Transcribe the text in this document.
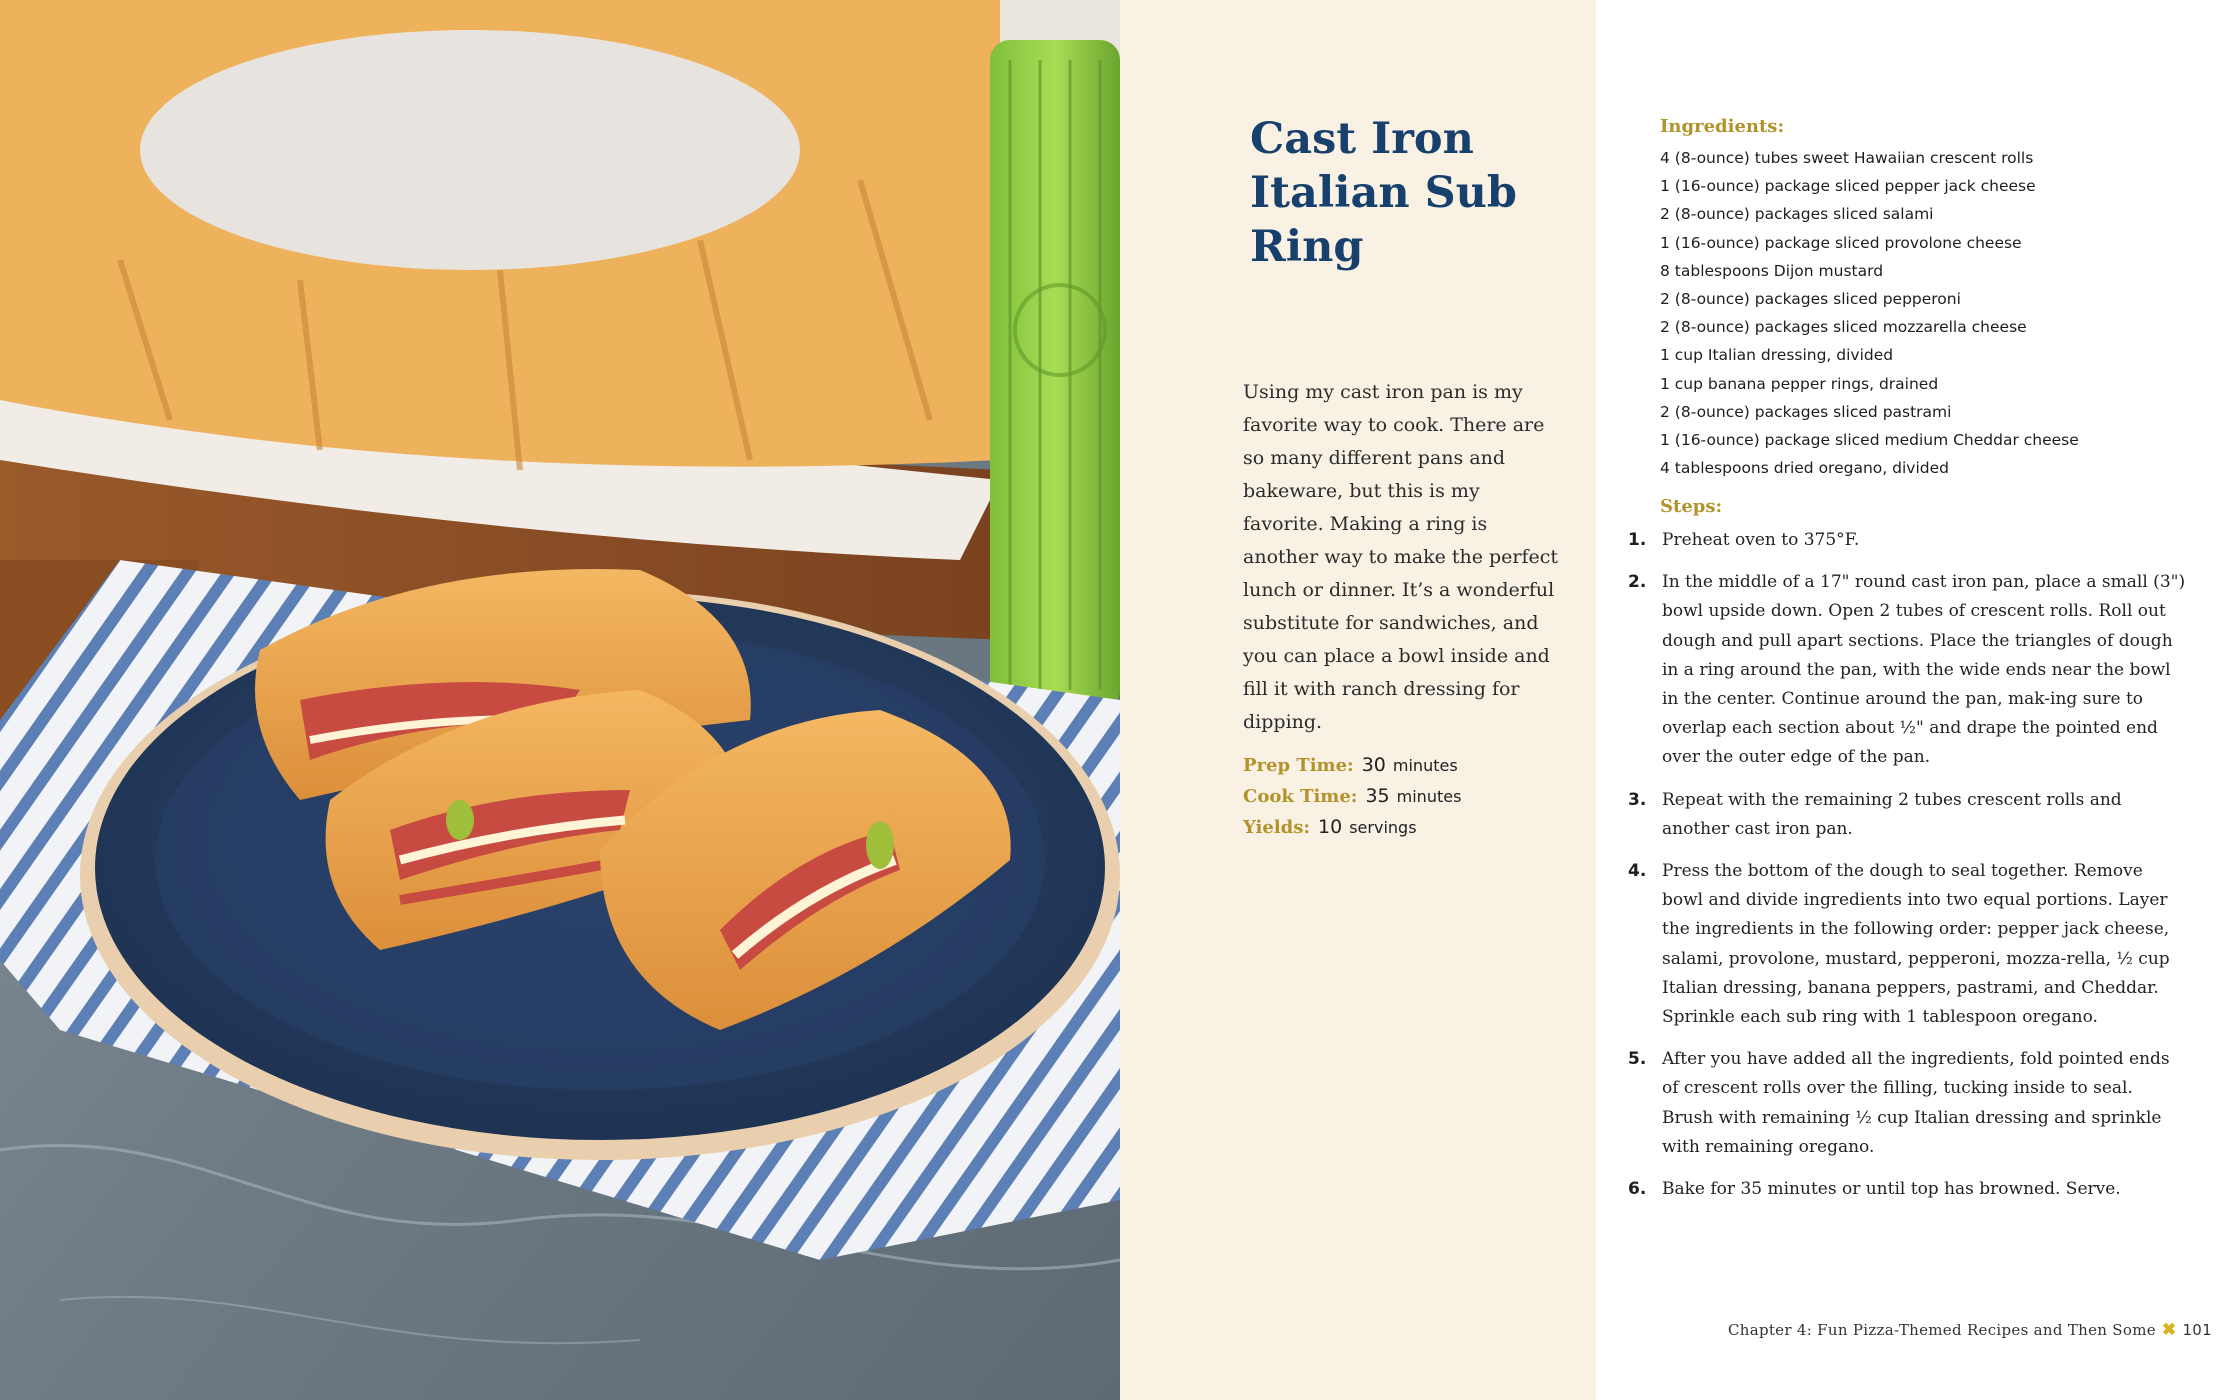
Cast Iron Italian Sub Ring

Using my cast iron pan is my favorite way to cook. There are so many different pans and bakeware, but this is my favorite. Making a ring is another way to make the perfect lunch or dinner. It’s a wonderful substitute for sandwiches, and you can place a bowl inside and fill it with ranch dressing for dipping.

Prep Time: 30 minutes
Cook Time: 35 minutes
Yields: 10 servings
Ingredients:
4 (8-ounce) tubes sweet Hawaiian crescent rolls
1 (16-ounce) package sliced pepper jack cheese
2 (8-ounce) packages sliced salami
1 (16-ounce) package sliced provolone cheese
8 tablespoons Dijon mustard
2 (8-ounce) packages sliced pepperoni
2 (8-ounce) packages sliced mozzarella cheese
1 cup Italian dressing, divided
1 cup banana pepper rings, drained
2 (8-ounce) packages sliced pastrami
1 (16-ounce) package sliced medium Cheddar cheese
4 tablespoons dried oregano, divided
Steps:
1. Preheat oven to 375°F.
2. In the middle of a 17" round cast iron pan, place a small (3") bowl upside down. Open 2 tubes of crescent rolls. Roll out dough and pull apart sections. Place the triangles of dough in a ring around the pan, with the wide ends near the bowl in the center. Continue around the pan, mak-ing sure to overlap each section about ½" and drape the pointed end over the outer edge of the pan.
3. Repeat with the remaining 2 tubes crescent rolls and another cast iron pan.
4. Press the bottom of the dough to seal together. Remove bowl and divide ingredients into two equal portions. Layer the ingredients in the following order: pepper jack cheese, salami, provolone, mustard, pepperoni, mozza-rella, ½ cup Italian dressing, banana peppers, pastrami, and Cheddar. Sprinkle each sub ring with 1 tablespoon oregano.
5. After you have added all the ingredients, fold pointed ends of crescent rolls over the filling, tucking inside to seal. Brush with remaining ½ cup Italian dressing and sprinkle with remaining oregano.
6. Bake for 35 minutes or until top has browned. Serve.
Chapter 4: Fun Pizza-Themed Recipes and Then Some ✖ 101
